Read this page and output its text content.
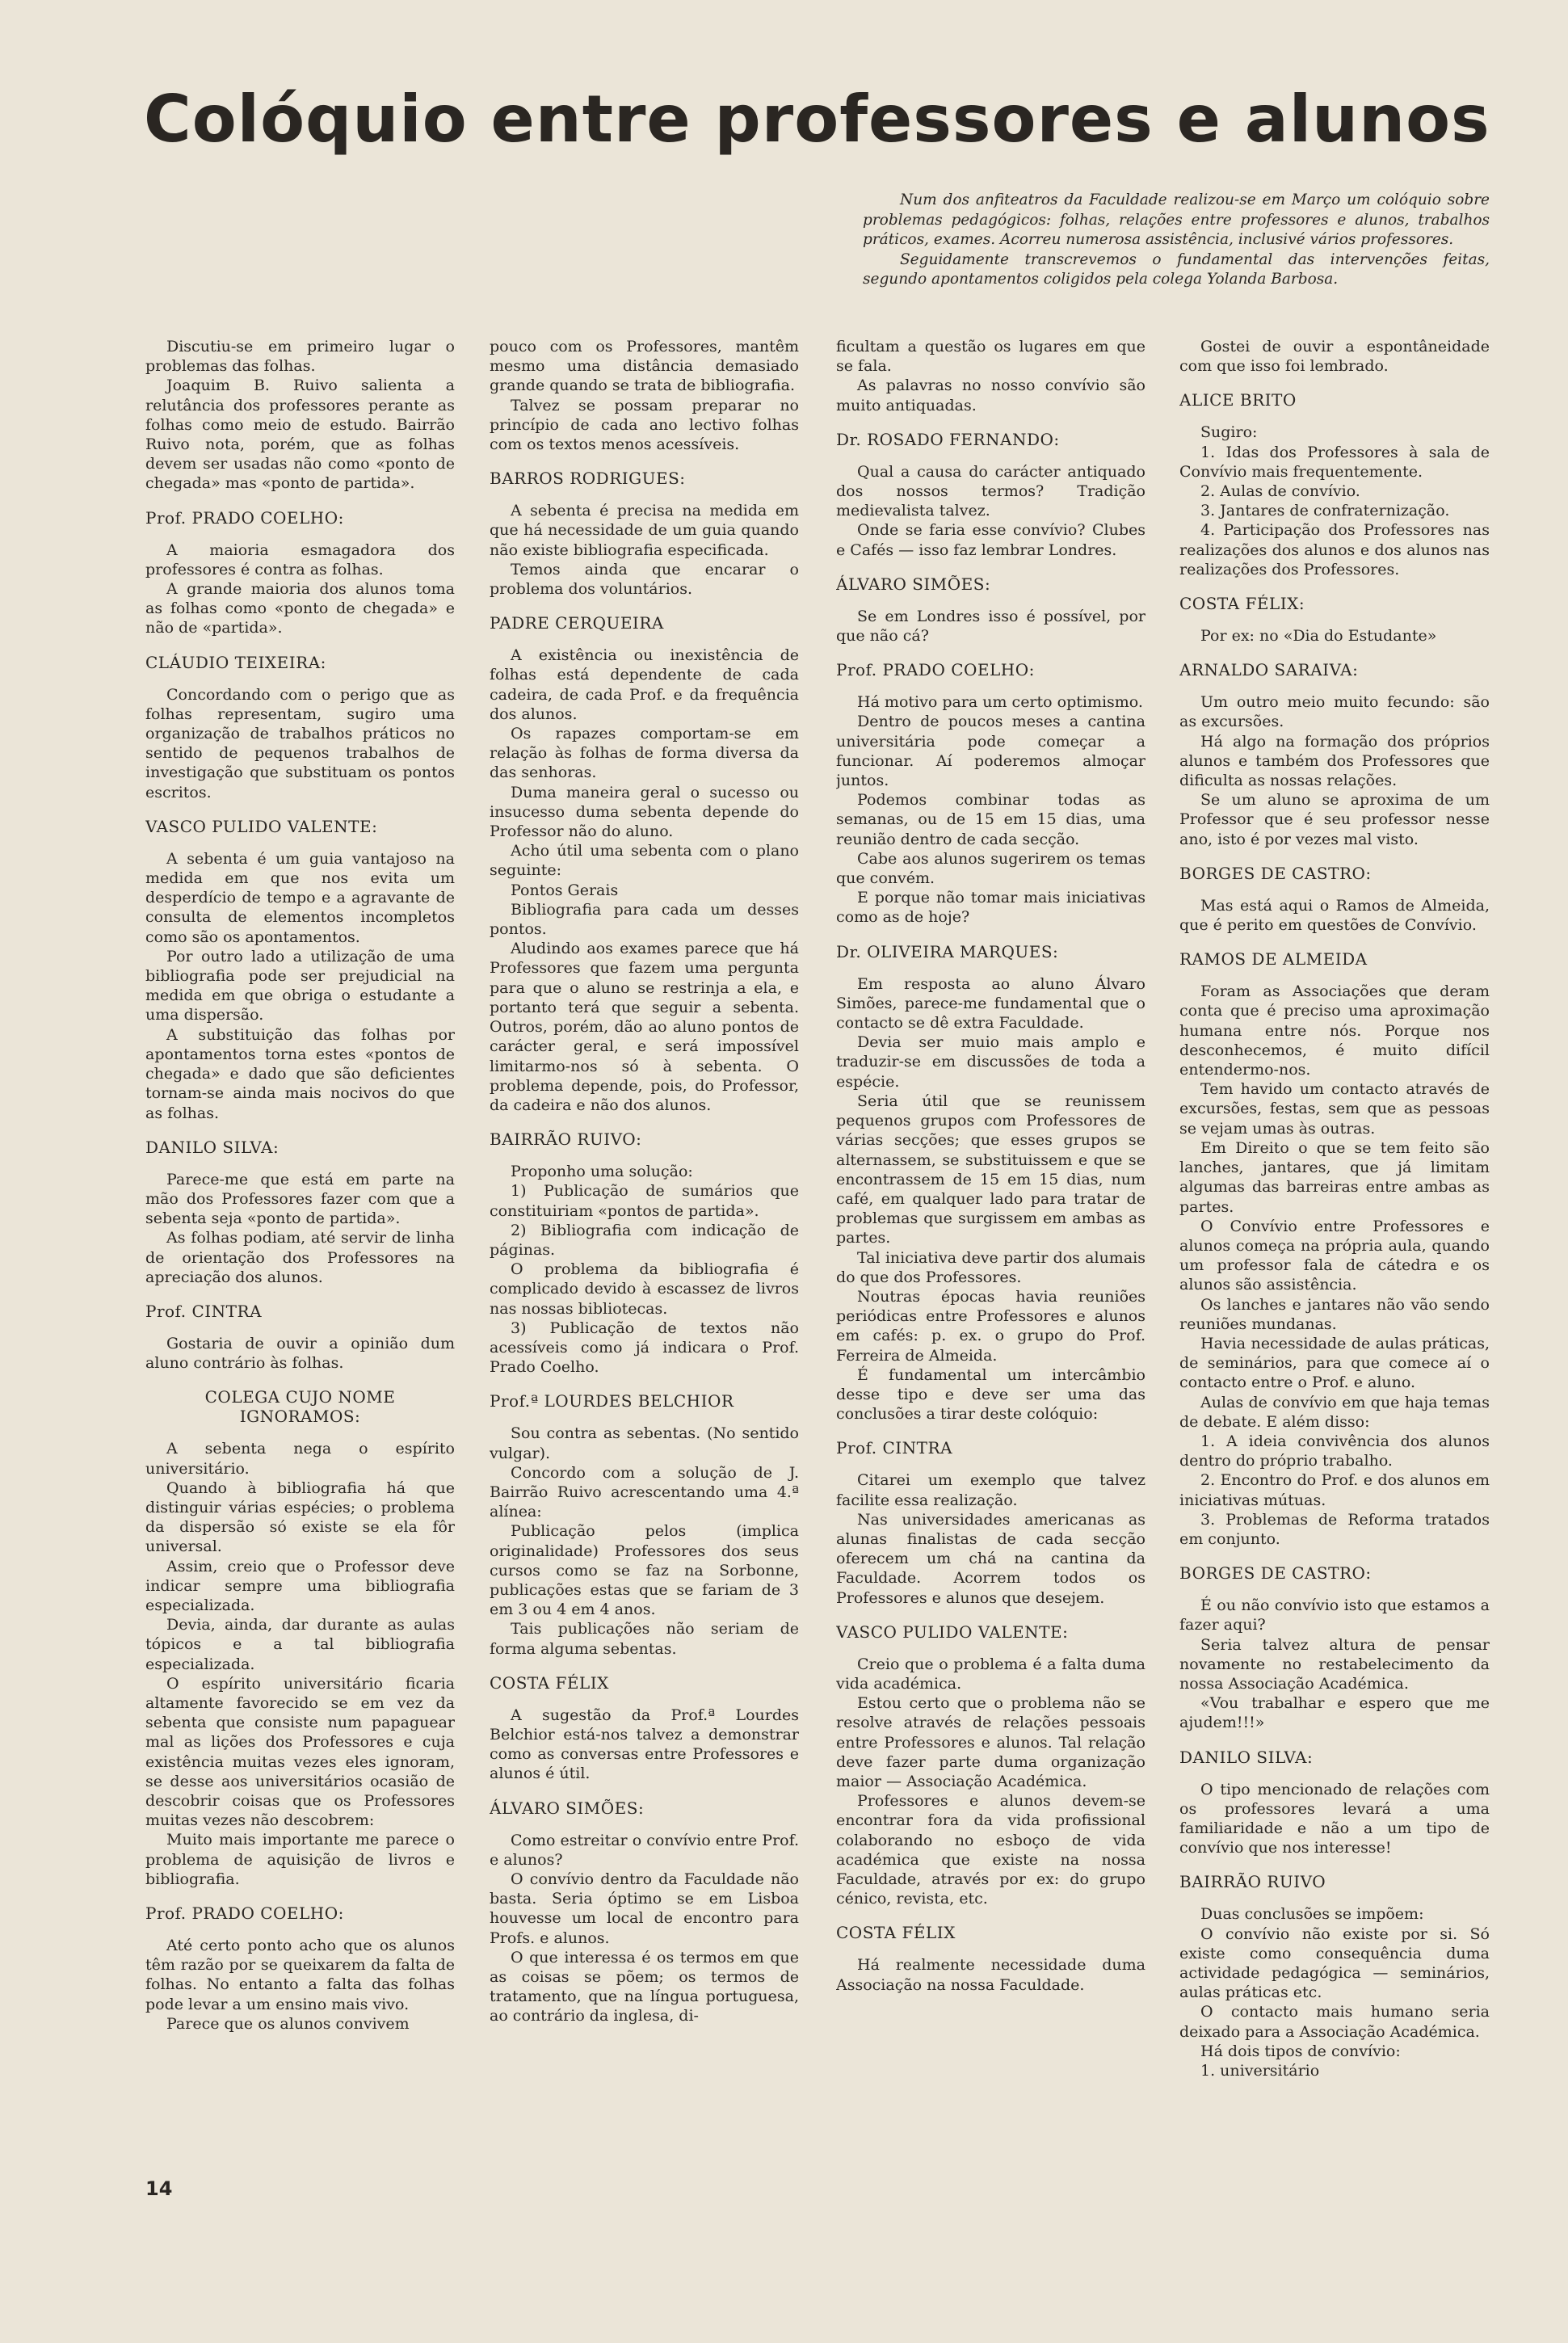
Colóquio entre professores e alunos

Num dos anfiteatros da Faculdade realizou-se em Março um colóquio sobre problemas pedagógicos: folhas, relações entre professores e alunos, trabalhos práticos, exames. Acorreu numerosa assistência, inclusivé vários professores.

Seguidamente transcrevemos o fundamental das intervenções feitas, segundo apontamentos coligidos pela colega Yolanda Barbosa.

Discutiu-se em primeiro lugar o problemas das folhas.

Joaquim B. Ruivo salienta a relutância dos professores perante as folhas como meio de estudo. Bairrão Ruivo nota, porém, que as folhas devem ser usadas não como «ponto de chegada» mas «ponto de partida».

Prof. PRADO COELHO:

A maioria esmagadora dos professores é contra as folhas.

A grande maioria dos alunos toma as folhas como «ponto de chegada» e não de «partida».

CLÁUDIO TEIXEIRA:

Concordando com o perigo que as folhas representam, sugiro uma organização de trabalhos práticos no sentido de pequenos trabalhos de investigação que substituam os pontos escritos.

VASCO PULIDO VALENTE:

A sebenta é um guia vantajoso na medida em que nos evita um desperdício de tempo e a agravante de consulta de elementos incompletos como são os apontamentos.

Por outro lado a utilização de uma bibliografia pode ser prejudicial na medida em que obriga o estudante a uma dispersão.

A substituição das folhas por apontamentos torna estes «pontos de chegada» e dado que são deficientes tornam-se ainda mais nocivos do que as folhas.

DANILO SILVA:

Parece-me que está em parte na mão dos Professores fazer com que a sebenta seja «ponto de partida».

As folhas podiam, até servir de linha de orientação dos Professores na apreciação dos alunos.

Prof. CINTRA

Gostaria de ouvir a opinião dum aluno contrário às folhas.

COLEGA CUJO NOME IGNORAMOS:

A sebenta nega o espírito universitário.

Quando à bibliografia há que distinguir várias espécies; o problema da dispersão só existe se ela fôr universal.

Assim, creio que o Professor deve indicar sempre uma bibliografia especializada.

Devia, ainda, dar durante as aulas tópicos e a tal bibliografia especializada.

O espírito universitário ficaria altamente favorecido se em vez da sebenta que consiste num papaguear mal as lições dos Professores e cuja existência muitas vezes eles ignoram, se desse aos universitários ocasião de descobrir coisas que os Professores muitas vezes não descobrem:

Muito mais importante me parece o problema de aquisição de livros e bibliografia.

Prof. PRADO COELHO:

Até certo ponto acho que os alunos têm razão por se queixarem da falta de folhas. No entanto a falta das folhas pode levar a um ensino mais vivo.

Parece que os alunos convivem

pouco com os Professores, mantêm mesmo uma distância demasiado grande quando se trata de bibliografia.

Talvez se possam preparar no princípio de cada ano lectivo folhas com os textos menos acessíveis.

BARROS RODRIGUES:

A sebenta é precisa na medida em que há necessidade de um guia quando não existe bibliografia especificada.

Temos ainda que encarar o problema dos voluntários.

PADRE CERQUEIRA

A existência ou inexistência de folhas está dependente de cada cadeira, de cada Prof. e da frequência dos alunos.

Os rapazes comportam-se em relação às folhas de forma diversa da das senhoras.

Duma maneira geral o sucesso ou insucesso duma sebenta depende do Professor não do aluno.

Acho útil uma sebenta com o plano seguinte:

Pontos Gerais

Bibliografia para cada um desses pontos.

Aludindo aos exames parece que há Professores que fazem uma pergunta para que o aluno se restrinja a ela, e portanto terá que seguir a sebenta. Outros, porém, dão ao aluno pontos de carácter geral, e será impossível limitarmo-nos só à sebenta. O problema depende, pois, do Professor, da cadeira e não dos alunos.

BAIRRÃO RUIVO:

Proponho uma solução:

1) Publicação de sumários que constituiriam «pontos de partida».

2) Bibliografia com indicação de páginas.

O problema da bibliografia é complicado devido à escassez de livros nas nossas bibliotecas.

3) Publicação de textos não acessíveis como já indicara o Prof. Prado Coelho.

Prof.ª LOURDES BELCHIOR

Sou contra as sebentas. (No sentido vulgar).

Concordo com a solução de J. Bairrão Ruivo acrescentando uma 4.ª alínea:

Publicação pelos (implica originalidade) Professores dos seus cursos como se faz na Sorbonne, publicações estas que se fariam de 3 em 3 ou 4 em 4 anos.

Tais publicações não seriam de forma alguma sebentas.

COSTA FÉLIX

A sugestão da Prof.ª Lourdes Belchior está-nos talvez a demonstrar como as conversas entre Professores e alunos é útil.

ÁLVARO SIMÕES:

Como estreitar o convívio entre Prof. e alunos?

O convívio dentro da Faculdade não basta. Seria óptimo se em Lisboa houvesse um local de encontro para Profs. e alunos.

O que interessa é os termos em que as coisas se põem; os termos de tratamento, que na língua portuguesa, ao contrário da inglesa, di-

ficultam a questão os lugares em que se fala.

As palavras no nosso convívio são muito antiquadas.

Dr. ROSADO FERNANDO:

Qual a causa do carácter antiquado dos nossos termos? Tradição medievalista talvez.

Onde se faria esse convívio? Clubes e Cafés — isso faz lembrar Londres.

ÁLVARO SIMÕES:

Se em Londres isso é possível, por que não cá?

Prof. PRADO COELHO:

Há motivo para um certo optimismo.

Dentro de poucos meses a cantina universitária pode começar a funcionar. Aí poderemos almoçar juntos.

Podemos combinar todas as semanas, ou de 15 em 15 dias, uma reunião dentro de cada secção.

Cabe aos alunos sugerirem os temas que convém.

E porque não tomar mais iniciativas como as de hoje?

Dr. OLIVEIRA MARQUES:

Em resposta ao aluno Álvaro Simões, parece-me fundamental que o contacto se dê extra Faculdade.

Devia ser muio mais amplo e traduzir-se em discussões de toda a espécie.

Seria útil que se reunissem pequenos grupos com Professores de várias secções; que esses grupos se alternassem, se substituissem e que se encontrassem de 15 em 15 dias, num café, em qualquer lado para tratar de problemas que surgissem em ambas as partes.

Tal iniciativa deve partir dos alumais do que dos Professores.

Noutras épocas havia reuniões periódicas entre Professores e alunos em cafés: p. ex. o grupo do Prof. Ferreira de Almeida.

É fundamental um intercâmbio desse tipo e deve ser uma das conclusões a tirar deste colóquio:

Prof. CINTRA

Citarei um exemplo que talvez facilite essa realização.

Nas universidades americanas as alunas finalistas de cada secção oferecem um chá na cantina da Faculdade. Acorrem todos os Professores e alunos que desejem.

VASCO PULIDO VALENTE:

Creio que o problema é a falta duma vida académica.

Estou certo que o problema não se resolve através de relações pessoais entre Professores e alunos. Tal relação deve fazer parte duma organização maior — Associação Académica.

Professores e alunos devem-se encontrar fora da vida profissional colaborando no esboço de vida académica que existe na nossa Faculdade, através por ex: do grupo cénico, revista, etc.

COSTA FÉLIX

Há realmente necessidade duma Associação na nossa Faculdade.

Gostei de ouvir a espontâneidade com que isso foi lembrado.

ALICE BRITO

Sugiro:

1. Idas dos Professores à sala de Convívio mais frequentemente.

2. Aulas de convívio.

3. Jantares de confraternização.

4. Participação dos Professores nas realizações dos alunos e dos alunos nas realizações dos Professores.

COSTA FÉLIX:

Por ex: no «Dia do Estudante»

ARNALDO SARAIVA:

Um outro meio muito fecundo: são as excursões.

Há algo na formação dos próprios alunos e também dos Professores que dificulta as nossas relações.

Se um aluno se aproxima de um Professor que é seu professor nesse ano, isto é por vezes mal visto.

BORGES DE CASTRO:

Mas está aqui o Ramos de Almeida, que é perito em questões de Convívio.

RAMOS DE ALMEIDA

Foram as Associações que deram conta que é preciso uma aproximação humana entre nós. Porque nos desconhecemos, é muito difícil entendermo-nos.

Tem havido um contacto através de excursões, festas, sem que as pessoas se vejam umas às outras.

Em Direito o que se tem feito são lanches, jantares, que já limitam algumas das barreiras entre ambas as partes.

O Convívio entre Professores e alunos começa na própria aula, quando um professor fala de cátedra e os alunos são assistência.

Os lanches e jantares não vão sendo reuniões mundanas.

Havia necessidade de aulas práticas, de seminários, para que comece aí o contacto entre o Prof. e aluno.

Aulas de convívio em que haja temas de debate. E além disso:

1. A ideia convivência dos alunos dentro do próprio trabalho.

2. Encontro do Prof. e dos alunos em iniciativas mútuas.

3. Problemas de Reforma tratados em conjunto.

BORGES DE CASTRO:

É ou não convívio isto que estamos a fazer aqui?

Seria talvez altura de pensar novamente no restabelecimento da nossa Associação Académica.

«Vou trabalhar e espero que me ajudem!!!»

DANILO SILVA:

O tipo mencionado de relações com os professores levará a uma familiaridade e não a um tipo de convívio que nos interesse!

BAIRRÃO RUIVO

Duas conclusões se impõem:

O convívio não existe por si. Só existe como consequência duma actividade pedagógica — seminários, aulas práticas etc.

O contacto mais humano seria deixado para a Associação Académica.

Há dois tipos de convívio:

1. universitário

14
